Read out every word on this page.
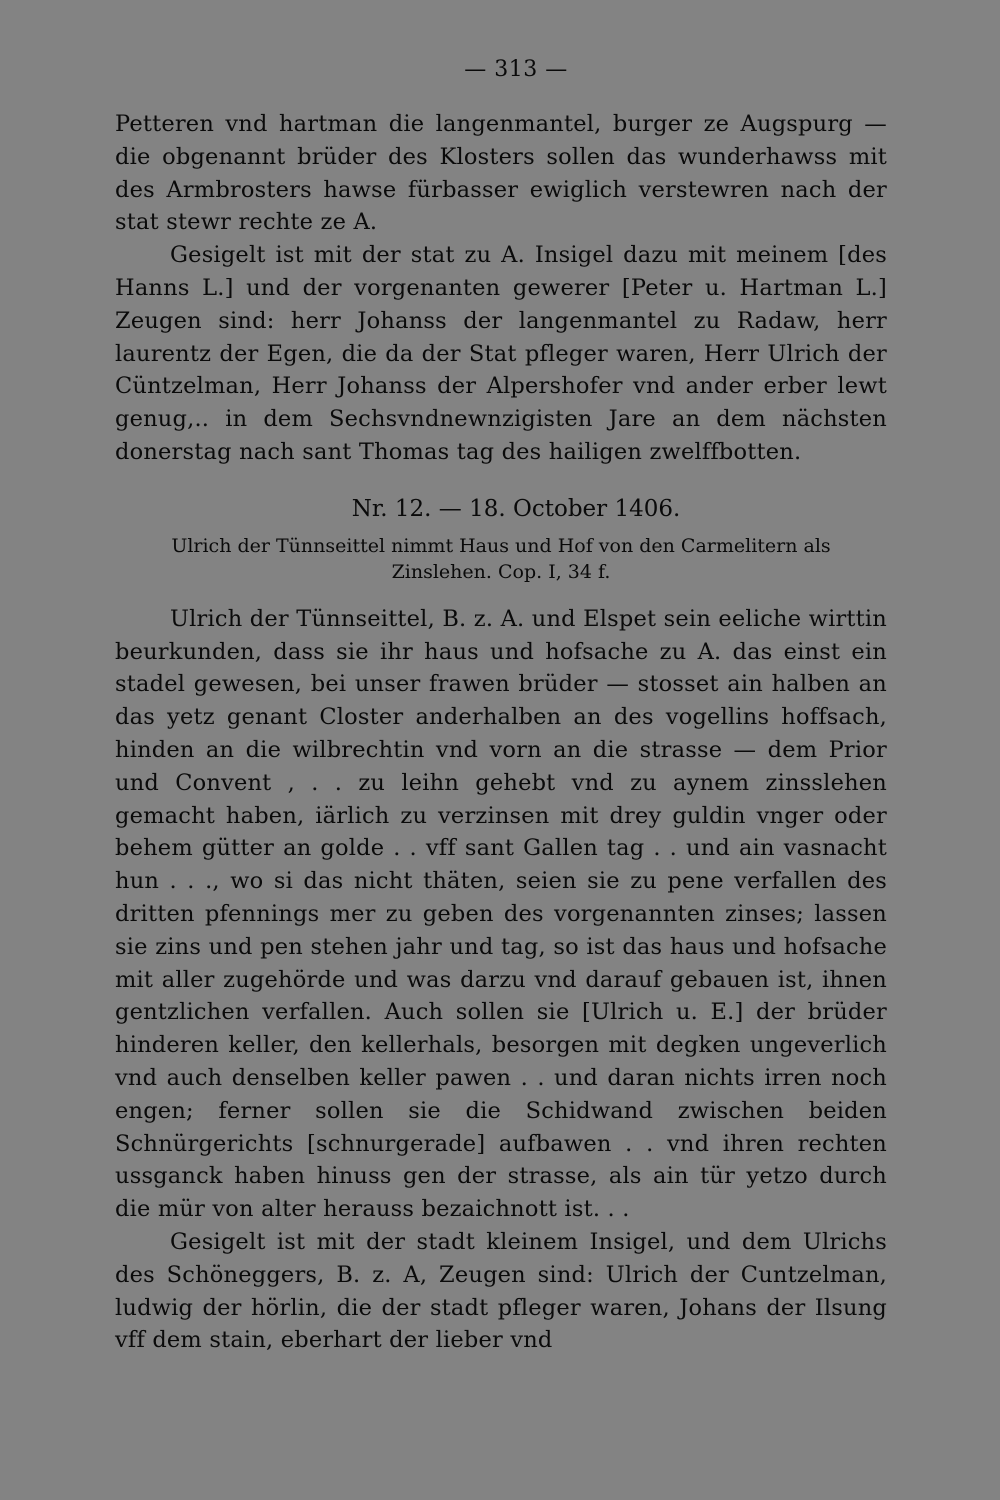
— 313 —

Petteren vnd hartman die langenmantel, burger ze Augspurg — die obgenannt brüder des Klosters sollen das wunderhawss mit des Armbrosters hawse fürbasser ewiglich verstewren nach der stat stewr rechte ze A.

Gesigelt ist mit der stat zu A. Insigel dazu mit meinem [des Hanns L.] und der vorgenanten gewerer [Peter u. Hartman L.] Zeugen sind: herr Johanss der langenmantel zu Radaw, herr laurentz der Egen, die da der Stat pfleger waren, Herr Ulrich der Cüntzelman, Herr Johanss der Alpershofer vnd ander erber lewt genug,.. in dem Sechsvndnewnzigisten Jare an dem nächsten donerstag nach sant Thomas tag des hailigen zwelffbotten.

Nr. 12. — 18. October 1406.
Ulrich der Tünnseittel nimmt Haus und Hof von den Carmelitern als
Zinslehen. Cop. I, 34 f.

Ulrich der Tünnseittel, B. z. A. und Elspet sein eeliche wirttin beurkunden, dass sie ihr haus und hofsache zu A. das einst ein stadel gewesen, bei unser frawen brüder — stosset ain halben an das yetz genant Closter anderhalben an des vogellins hoffsach, hinden an die wilbrechtin vnd vorn an die strasse — dem Prior und Convent , . . zu leihn gehebt vnd zu aynem zinsslehen gemacht haben, iärlich zu verzinsen mit drey guldin vnger oder behem gütter an golde . . vff sant Gallen tag . . und ain vasnacht hun . . ., wo si das nicht thäten, seien sie zu pene verfallen des dritten pfennings mer zu geben des vorgenannten zinses; lassen sie zins und pen stehen jahr und tag, so ist das haus und hofsache mit aller zugehörde und was darzu vnd darauf gebauen ist, ihnen gentzlichen verfallen. Auch sollen sie [Ulrich u. E.] der brüder hinderen keller, den kellerhals, besorgen mit degken ungeverlich vnd auch denselben keller pawen . . und daran nichts irren noch engen; ferner sollen sie die Schidwand zwischen beiden Schnürgerichts [schnurgerade] aufbawen . . vnd ihren rechten ussganck haben hinuss gen der strasse, als ain tür yetzo durch die mür von alter herauss bezaichnott ist. . .

Gesigelt ist mit der stadt kleinem Insigel, und dem Ulrichs des Schöneggers, B. z. A, Zeugen sind: Ulrich der Cuntzelman, ludwig der hörlin, die der stadt pfleger waren, Johans der Ilsung vff dem stain, eberhart der lieber vnd
